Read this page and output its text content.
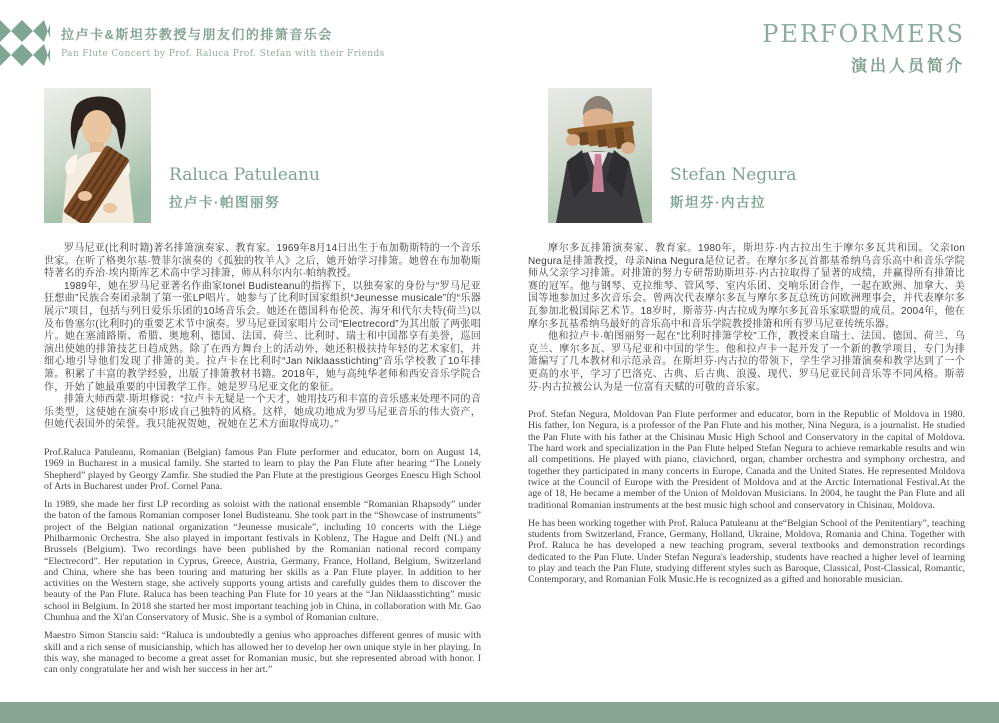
拉卢卡&斯坦芬教授与朋友们的排箫音乐会
Pan Flute Concert by Prof. Raluca Prof. Stefan with their Friends
PERFORMERS
演出人员简介
Raluca Patuleanu
拉卢卡·帕图丽努

罗马尼亚(比利时籍)著名排箫演奏家、教育家。1969年8月14日出生于布加勒斯特的一个音乐世家。在听了格奥尔基·赞菲尔演奏的《孤独的牧羊人》之后，她开始学习排箫。她曾在布加勒斯特著名的乔治·埃内斯库艺术高中学习排箫，师从科尔内尔·帕纳教授。

1989年，她在罗马尼亚著名作曲家Ionel Budisteanu的指挥下，以独奏家的身份与“罗马尼亚狂想曲”民族合奏团录制了第一张LP唱片。她参与了比利时国家组织“Jeunesse musicale”的“乐器展示”项目，包括与列日爱乐乐团的10场音乐会。她还在德国科布伦茨、海牙和代尔夫特(荷兰)以及布鲁塞尔(比利时)的重要艺术节中演奏。罗马尼亚国家唱片公司“Electrecord”为其出版了两张唱片。她在塞浦路斯、希腊、奥地利、德国、法国、荷兰、比利时、瑞士和中国都享有美誉，巡回演出使她的排箫技艺日趋成熟。除了在西方舞台上的活动外，她还积极扶持年轻的艺术家们，并细心地引导他们发现了排箫的美。拉卢卡在比利时“Jan Niklaasstichting”音乐学校教了10年排箫。积累了丰富的教学经验，出版了排箫教材书籍。2018年，她与高纯华老师和西安音乐学院合作，开始了她最重要的中国教学工作。她是罗马尼亚文化的象征。

排箫大师西蒙·斯坦修说：“拉卢卡无疑是一个天才，她用技巧和丰富的音乐感来处理不同的音乐类型，这使她在演奏中形成自己独特的风格。这样，她成功地成为罗马尼亚音乐的伟大资产，但她代表国外的荣誉。我只能祝贺她，祝她在艺术方面取得成功。”

Prof.Raluca Patuleanu, Romanian (Belgian) famous Pan Flute performer and educator, born on August 14, 1969 in Bucharest in a musical family. She started to learn to play the Pan Flute after hearing “The Lonely Shepherd” played by Georgy Zamfir. She studied the Pan Flute at the prestigious Georges Enescu High School of Arts in Bucharest under Prof. Cornel Pana.

In 1989, she made her first LP recording as soloist with the national ensemble “Romanian Rhapsody” under the baton of the famous Romanian composer Ionel Budisteanu. She took part in the “Showcase of instruments” project of the Belgian national organization “Jeunesse musicale”, including 10 concerts with the Liège Philharmonic Orchestra. She also played in important festivals in Koblenz, The Hague and Delft (NL) and Brussels (Belgium). Two recordings have been published by the Romanian national record company “Electrecord”. Her reputation in Cyprus, Greece, Austria, Germany, France, Holland, Belgium, Switzerland and China, where she has been touring and maturing her skills as a Pan Flute player. In addition to her activities on the Western stage, she actively supports young artists and carefully guides them to discover the beauty of the Pan Flute. Raluca has been teaching Pan Flute for 10 years at the “Jan Niklaasstichting” music school in Belgium. In 2018 she started her most important teaching job in China, in collaboration with Mr. Gao Chunhua and the Xi'an Conservatory of Music. She is a symbol of Romanian culture.

Maestro Simon Stanciu said: “Raluca is undoubtedly a genius who approaches different genres of music with skill and a rich sense of musicianship, which has allowed her to develop her own unique style in her playing. In this way, she managed to become a great asset for Romanian music, but she represented abroad with honor. I can only congratulate her and wish her success in her art.”

Stefan Negura
斯坦芬·内古拉

摩尔多瓦排箫演奏家、教育家。1980年，斯坦芬·内古拉出生于摩尔多瓦共和国。父亲Ion Negura是排箫教授，母亲Nina Negura是位记者。在摩尔多瓦首都基希纳乌音乐高中和音乐学院师从父亲学习排箫。对排箫的努力专研帮助斯坦芬·内古拉取得了显著的成绩，并赢得所有排箫比赛的冠军。他与钢琴、克拉维琴、管风琴、室内乐团、交响乐团合作，一起在欧洲、加拿大、美国等地参加过多次音乐会。曾两次代表摩尔多瓦与摩尔多瓦总统访问欧洲理事会，并代表摩尔多瓦参加北极国际艺术节。18岁时，斯蒂芬·内古拉成为摩尔多瓦音乐家联盟的成员。2004年，他在摩尔多瓦基希纳乌最好的音乐高中和音乐学院教授排箫和所有罗马尼亚传统乐器。

他和拉卢卡·帕图丽努一起在“比利时排箫学校”工作，教授来自瑞士、法国、德国、荷兰、乌克兰、摩尔多瓦、罗马尼亚和中国的学生。他和拉卢卡一起开发了一个新的教学项目，专门为排箫编写了几本教材和示范录音。在斯坦芬·内古拉的带领下，学生学习排箫演奏和教学达到了一个更高的水平，学习了巴洛克、古典、后古典、浪漫、现代、罗马尼亚民间音乐等不同风格。斯蒂芬·内古拉被公认为是一位富有天赋的可敬的音乐家。

Prof. Stefan Negura, Moldovan Pan Flute performer and educator, born in the Republic of Moldova in 1980. His father, Ion Negura, is a professor of the Pan Flute and his mother, Nina Negura, is a journalist. He studied the Pan Flute with his father at the Chisinau Music High School and Conservatory in the capital of Moldova. The hard work and specialization in the Pan Flute helped Stefan Negura to achieve remarkable results and win all competitions. He played with piano, clavichord, organ, chamber orchestra and symphony orchestra, and together they participated in many concerts in Europe, Canada and the United States. He represented Moldova twice at the Council of Europe with the President of Moldova and at the Arctic International Festival.At the age of 18, He became a member of the Union of Moldovan Musicians. In 2004, he taught the Pan Flute and all traditional Romanian instruments at the best music high school and conservatory in Chisinau, Moldova.

He has been working together with Prof. Raluca Patuleanu at the“Belgian School of the Penitentiary”, teaching students from Switzerland, France, Germany, Holland, Ukraine, Moldova, Romania and China. Together with Prof. Raluca he has developed a new teaching program, several textbooks and demonstration recordings dedicated to the Pan Flute. Under Stefan Negura's leadership, students have reached a higher level of learning to play and teach the Pan Flute, studying different styles such as Baroque, Classical, Post-Classical, Romantic, Contemporary, and Romanian Folk Music.He is recognized as a gifted and honorable musician.
